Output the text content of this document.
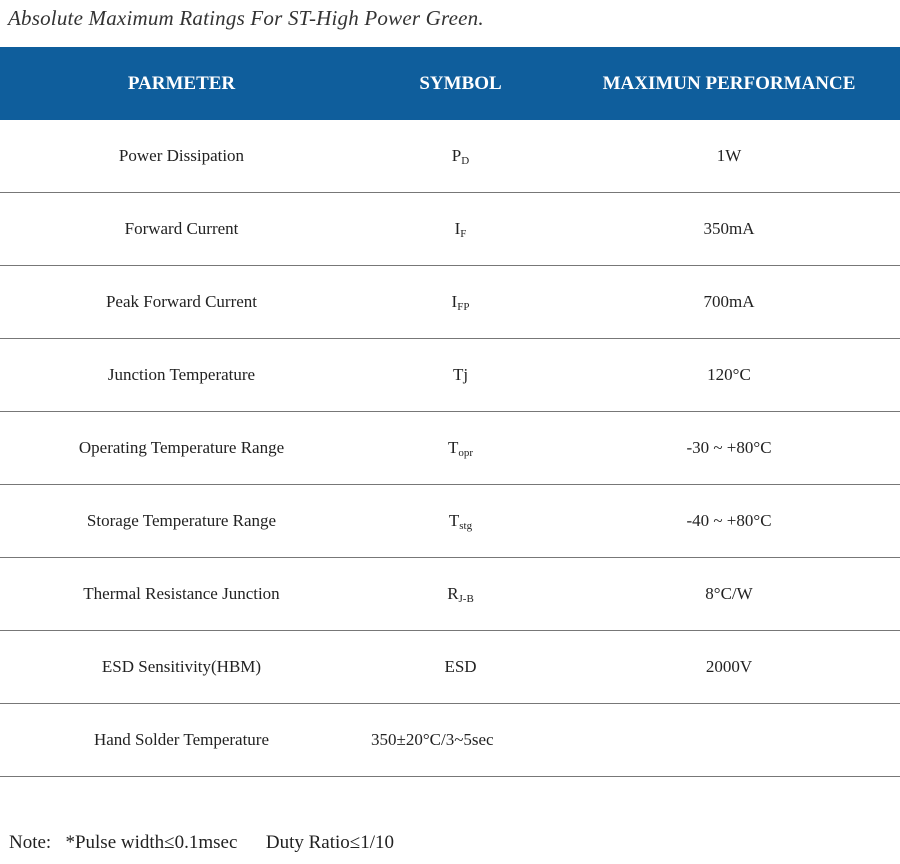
Absolute Maximum Ratings For ST-High Power Green.
PARMETER	SYMBOL	MAXIMUN PERFORMANCE
Power Dissipation	$P_D$	1W
Forward Current	$I_F$	350mA
Peak Forward Current	$I_{FP}$	700mA
Junction Temperature	Tj	120°C
Operating Temperature Range	$T_{opr}$	-30 ~ +80°C
Storage Temperature Range	$T_{stg}$	-40 ~ +80°C
Thermal Resistance Junction	$R_{J-B}$	8°C/W
ESD Sensitivity(HBM)	ESD	2000V
Hand Solder Temperature	350±20°C/3~5sec	
Note:   *Pulse width≤0.1msec      Duty Ratio≤1/10
